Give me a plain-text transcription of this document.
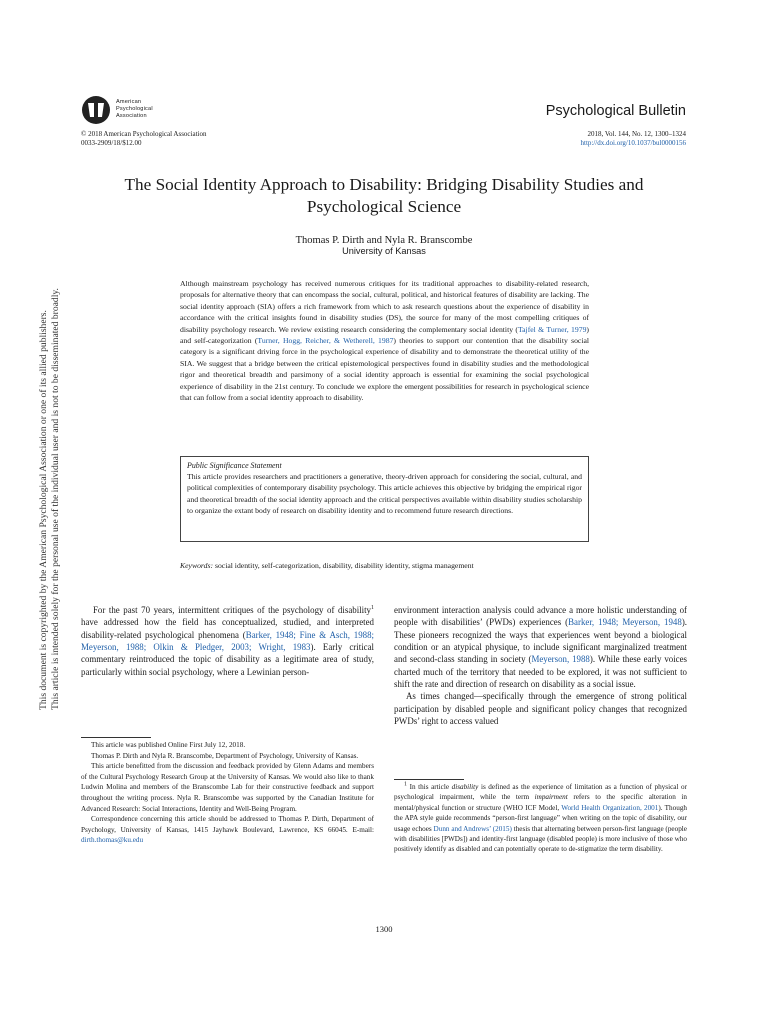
American
Psychological
Association	Psychological Bulletin
© 2018 American Psychological Association
0033-2909/18/$12.00
2018, Vol. 144, No. 12, 1300–1324
http://dx.doi.org/10.1037/bul0000156
The Social Identity Approach to Disability: Bridging Disability Studies and Psychological Science
Thomas P. Dirth and Nyla R. Branscombe
University of Kansas
Although mainstream psychology has received numerous critiques for its traditional approaches to disability-related research, proposals for alternative theory that can encompass the social, cultural, political, and historical features of disability are lacking. The social identity approach (SIA) offers a rich framework from which to ask research questions about the experience of disability in accordance with the critical insights found in disability studies (DS), the source for many of the most compelling critiques of disability psychology research. We review existing research considering the complementary social identity (Tajfel & Turner, 1979) and self-categorization (Turner, Hogg, Reicher, & Wetherell, 1987) theories to support our contention that the disability social category is a significant driving force in the psychological experience of disability and to demonstrate the theoretical utility of the SIA. We suggest that a bridge between the critical epistemological perspectives found in disability studies and the methodological rigor and theoretical breadth and parsimony of a social identity approach is essential for examining the social psychological experience of disability in the 21st century. To conclude we explore the emergent possibilities for research in psychological science that can follow from a social identity approach to disability.
Public Significance Statement
This article provides researchers and practitioners a generative, theory-driven approach for considering the social, cultural, and political complexities of contemporary disability psychology. This article achieves this objective by bridging the empirical rigor and theoretical breadth of the social identity approach and the critical perspectives available within disability studies scholarship to organize the extant body of research on disability identity and to recommend future research directions.
Keywords: social identity, self-categorization, disability, disability identity, stigma management
For the past 70 years, intermittent critiques of the psychology of disability$^1$ have addressed how the field has conceptualized, studied, and interpreted disability-related psychological phenomena (Barker, 1948; Fine & Asch, 1988; Meyerson, 1988; Olkin & Pledger, 2003; Wright, 1983). Early critical commentary reintroduced the topic of disability as a legitimate area of study, particularly within social psychology, where a Lewinian person-

environment interaction analysis could advance a more holistic understanding of people with disabilities’ (PWDs) experiences (Barker, 1948; Meyerson, 1948). These pioneers recognized the ways that experiences went beyond a biological condition or an atypical physique, to include significant marginalized treatment and second-class standing in society (Meyerson, 1988). While these early voices charted much of the territory that needed to be explored, it was not sufficient to shift the rate and direction of research on disability as a social issue.

As times changed—specifically through the emergence of strong political participation by disabled people and significant policy changes that recognized PWDs’ right to access valued

This article was published Online First July 12, 2018.

Thomas P. Dirth and Nyla R. Branscombe, Department of Psychology, University of Kansas.

This article benefitted from the discussion and feedback provided by Glenn Adams and members of the Cultural Psychology Research Group at the University of Kansas. We would also like to thank Ludwin Molina and members of the Branscombe Lab for their constructive feedback and support throughout the writing process. Nyla R. Branscombe was supported by the Canadian Institute for Advanced Research: Social Interactions, Identity and Well-Being Program.

Correspondence concerning this article should be addressed to Thomas P. Dirth, Department of Psychology, University of Kansas, 1415 Jayhawk Boulevard, Lawrence, KS 66045. E-mail: dirth.thomas@ku.edu

$^1$ In this article disability is defined as the experience of limitation as a function of physical or psychological impairment, while the term impairment refers to the specific alteration in mental/physical function or structure (WHO ICF Model, World Health Organization, 2001). Though the APA style guide recommends “person-first language” when writing on the topic of disability, our usage echoes Dunn and Andrews’ (2015) thesis that alternating between person-first language (people with disabilities [PWDs]) and identity-first language (disabled people) is more inclusive of those who positively identify as disabled and can potentially operate to de-stigmatize the term disability.
1300
This document is copyrighted by the American Psychological Association or one of its allied publishers. This article is intended solely for the personal use of the individual user and is not to be disseminated broadly.
